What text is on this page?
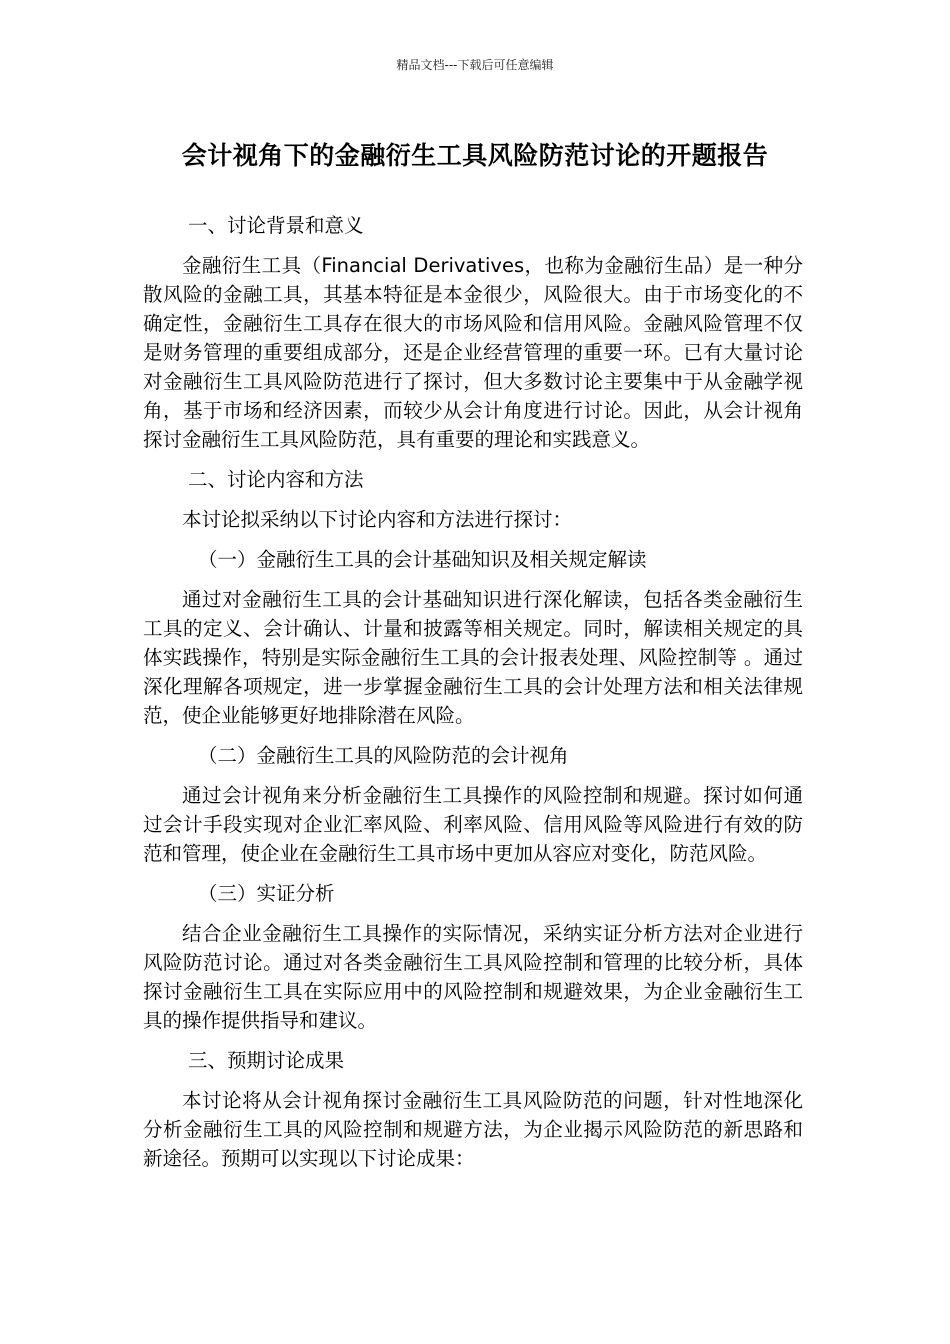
精品文档---下载后可任意编辑
会计视角下的金融衍生工具风险防范讨论的开题报告

一、讨论背景和意义

金融衍生工具（Financial Derivatives，也称为金融衍生品）是一种分散风险的金融工具，其基本特征是本金很少，风险很大。由于市场变化的不确定性，金融衍生工具存在很大的市场风险和信用风险。金融风险管理不仅是财务管理的重要组成部分，还是企业经营管理的重要一环。已有大量讨论对金融衍生工具风险防范进行了探讨，但大多数讨论主要集中于从金融学视角，基于市场和经济因素，而较少从会计角度进行讨论。因此，从会计视角探讨金融衍生工具风险防范，具有重要的理论和实践意义。

二、讨论内容和方法

本讨论拟采纳以下讨论内容和方法进行探讨：

（一）金融衍生工具的会计基础知识及相关规定解读

通过对金融衍生工具的会计基础知识进行深化解读，包括各类金融衍生工具的定义、会计确认、计量和披露等相关规定。同时，解读相关规定的具体实践操作，特别是实际金融衍生工具的会计报表处理、风险控制等 。通过深化理解各项规定，进一步掌握金融衍生工具的会计处理方法和相关法律规范，使企业能够更好地排除潜在风险。

（二）金融衍生工具的风险防范的会计视角

通过会计视角来分析金融衍生工具操作的风险控制和规避。探讨如何通过会计手段实现对企业汇率风险、利率风险、信用风险等风险进行有效的防范和管理，使企业在金融衍生工具市场中更加从容应对变化，防范风险。

（三）实证分析

结合企业金融衍生工具操作的实际情况，采纳实证分析方法对企业进行风险防范讨论。通过对各类金融衍生工具风险控制和管理的比较分析，具体探讨金融衍生工具在实际应用中的风险控制和规避效果，为企业金融衍生工具的操作提供指导和建议。

三、预期讨论成果

本讨论将从会计视角探讨金融衍生工具风险防范的问题，针对性地深化分析金融衍生工具的风险控制和规避方法，为企业揭示风险防范的新思路和新途径。预期可以实现以下讨论成果：
